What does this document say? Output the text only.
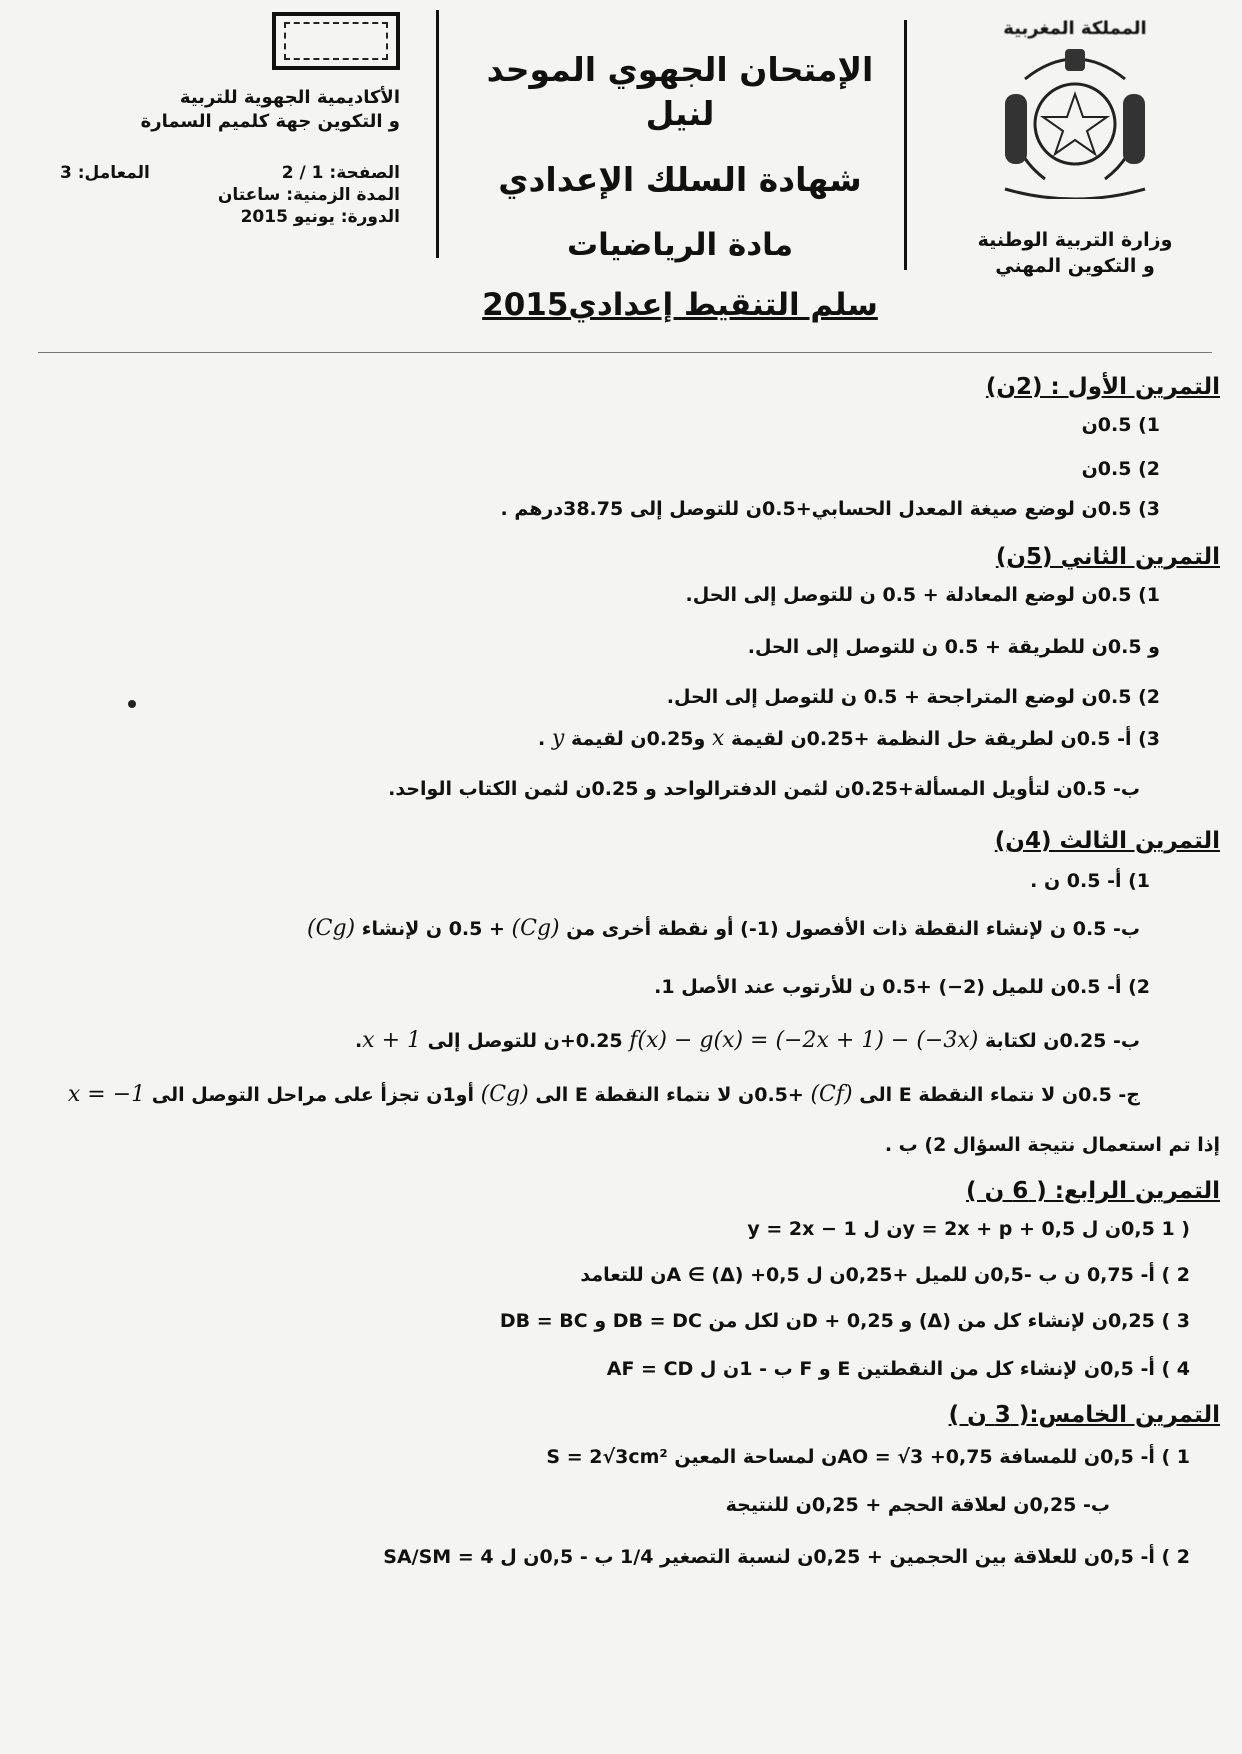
المملكة المغربية
وزارة التربية الوطنية
و التكوين المهني
الإمتحان الجهوي الموحد لنيل
شهادة السلك الإعدادي
مادة الرياضيات
سلم التنقيط إعدادي2015
الأكاديمية الجهوية للتربية
و التكوين جهة كلميم السمارة
الصفحة: 1 / 2
المعامل: 3
المدة الزمنية: ساعتان
الدورة: يونيو 2015
التمرين الأول : (2ن)
1) 0.5ن
2) 0.5ن
3) 0.5ن لوضع صيغة المعدل الحسابي+0.5ن للتوصل إلى 38.75درهم .
التمرين الثاني (5ن)
1) 0.5ن لوضع المعادلة + 0.5 ن للتوصل إلى الحل.
و 0.5ن للطريقة + 0.5 ن للتوصل إلى الحل.
2) 0.5ن لوضع المتراجحة + 0.5 ن للتوصل إلى الحل.
3) أ- 0.5ن لطريقة حل النظمة +0.25ن لقيمة x و0.25ن لقيمة y .
ب- 0.5ن لتأويل المسألة+0.25ن لثمن الدفترالواحد و 0.25ن لثمن الكتاب الواحد.
التمرين الثالث (4ن)
1) أ- 0.5 ن .
ب- 0.5 ن لإنشاء النقطة ذات الأفصول (1-) أو نقطة أخرى من (Cg) + 0.5 ن لإنشاء (Cg)
2) أ- 0.5ن للميل (2−) +0.5 ن للأرتوب عند الأصل 1.
ب- 0.25ن لكتابة f(x) − g(x) = (−2x + 1) − (−3x) 0.25+ن للتوصل إلى x + 1.
ج- 0.5ن لا نتماء النقطة E الى (Cf) +0.5ن لا نتماء النقطة E الى (Cg) أو1ن تجزأ على مراحل التوصل الى x = −1
إذا تم استعمال نتيجة السؤال 2) ب .
التمرين الرابع: ( 6 ن )
( 1 0,5ن ل y = 2x + p + 0,5ن ل y = 2x − 1
2 ) أ- 0,75 ن ب -0,5ن للميل +0,25ن ل A ∈ (Δ) +0,5ن للتعامد
3 ) 0,25ن لإنشاء كل من (Δ) و D + 0,25ن لكل من DB = DC و DB = BC
4 ) أ- 0,5ن لإنشاء كل من النقطتين E و F ب - 1ن ل AF = CD
التمرين الخامس:( 3 ن )
1 ) أ- 0,5ن للمسافة AO = √3 +0,75ن لمساحة المعين S = 2√3cm²
ب- 0,25ن لعلاقة الحجم + 0,25ن للنتيجة
2 ) أ- 0,5ن للعلاقة بين الحجمين + 0,25ن لنسبة التصغير 1/4 ب - 0,5ن ل SA/SM = 4
